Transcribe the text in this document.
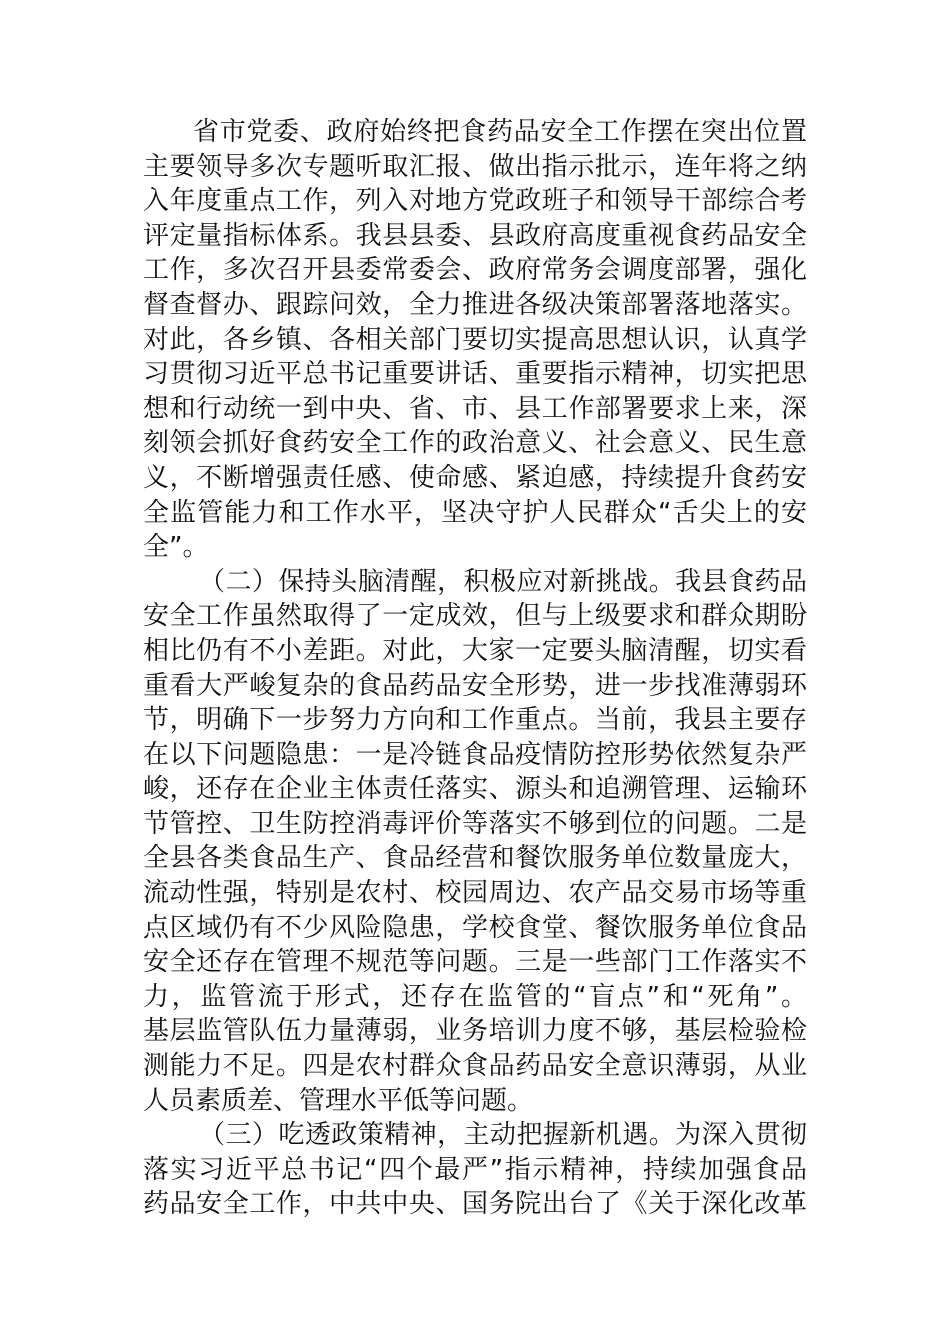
省市党委、政府始终把食药品安全工作摆在突出位置
主要领导多次专题听取汇报、做出指示批示，连年将之纳
入年度重点工作，列入对地方党政班子和领导干部综合考
评定量指标体系。我县县委、县政府高度重视食药品安全
工作，多次召开县委常委会、政府常务会调度部署，强化
督查督办、跟踪问效，全力推进各级决策部署落地落实。
对此，各乡镇、各相关部门要切实提高思想认识，认真学
习贯彻习近平总书记重要讲话、重要指示精神，切实把思
想和行动统一到中央、省、市、县工作部署要求上来，深
刻领会抓好食药安全工作的政治意义、社会意义、民生意
义，不断增强责任感、使命感、紧迫感，持续提升食药安
全监管能力和工作水平，坚决守护人民群众“舌尖上的安
全”。
（二）保持头脑清醒，积极应对新挑战。我县食药品
安全工作虽然取得了一定成效，但与上级要求和群众期盼
相比仍有不小差距。对此，大家一定要头脑清醒，切实看
重看大严峻复杂的食品药品安全形势，进一步找准薄弱环
节，明确下一步努力方向和工作重点。当前，我县主要存
在以下问题隐患：一是冷链食品疫情防控形势依然复杂严
峻，还存在企业主体责任落实、源头和追溯管理、运输环
节管控、卫生防控消毒评价等落实不够到位的问题。二是
全县各类食品生产、食品经营和餐饮服务单位数量庞大，
流动性强，特别是农村、校园周边、农产品交易市场等重
点区域仍有不少风险隐患，学校食堂、餐饮服务单位食品
安全还存在管理不规范等问题。三是一些部门工作落实不
力，监管流于形式，还存在监管的“盲点”和“死角”。
基层监管队伍力量薄弱，业务培训力度不够，基层检验检
测能力不足。四是农村群众食品药品安全意识薄弱，从业
人员素质差、管理水平低等问题。
（三）吃透政策精神，主动把握新机遇。为深入贯彻
落实习近平总书记“四个最严”指示精神，持续加强食品
药品安全工作，中共中央、国务院出台了《关于深化改革
